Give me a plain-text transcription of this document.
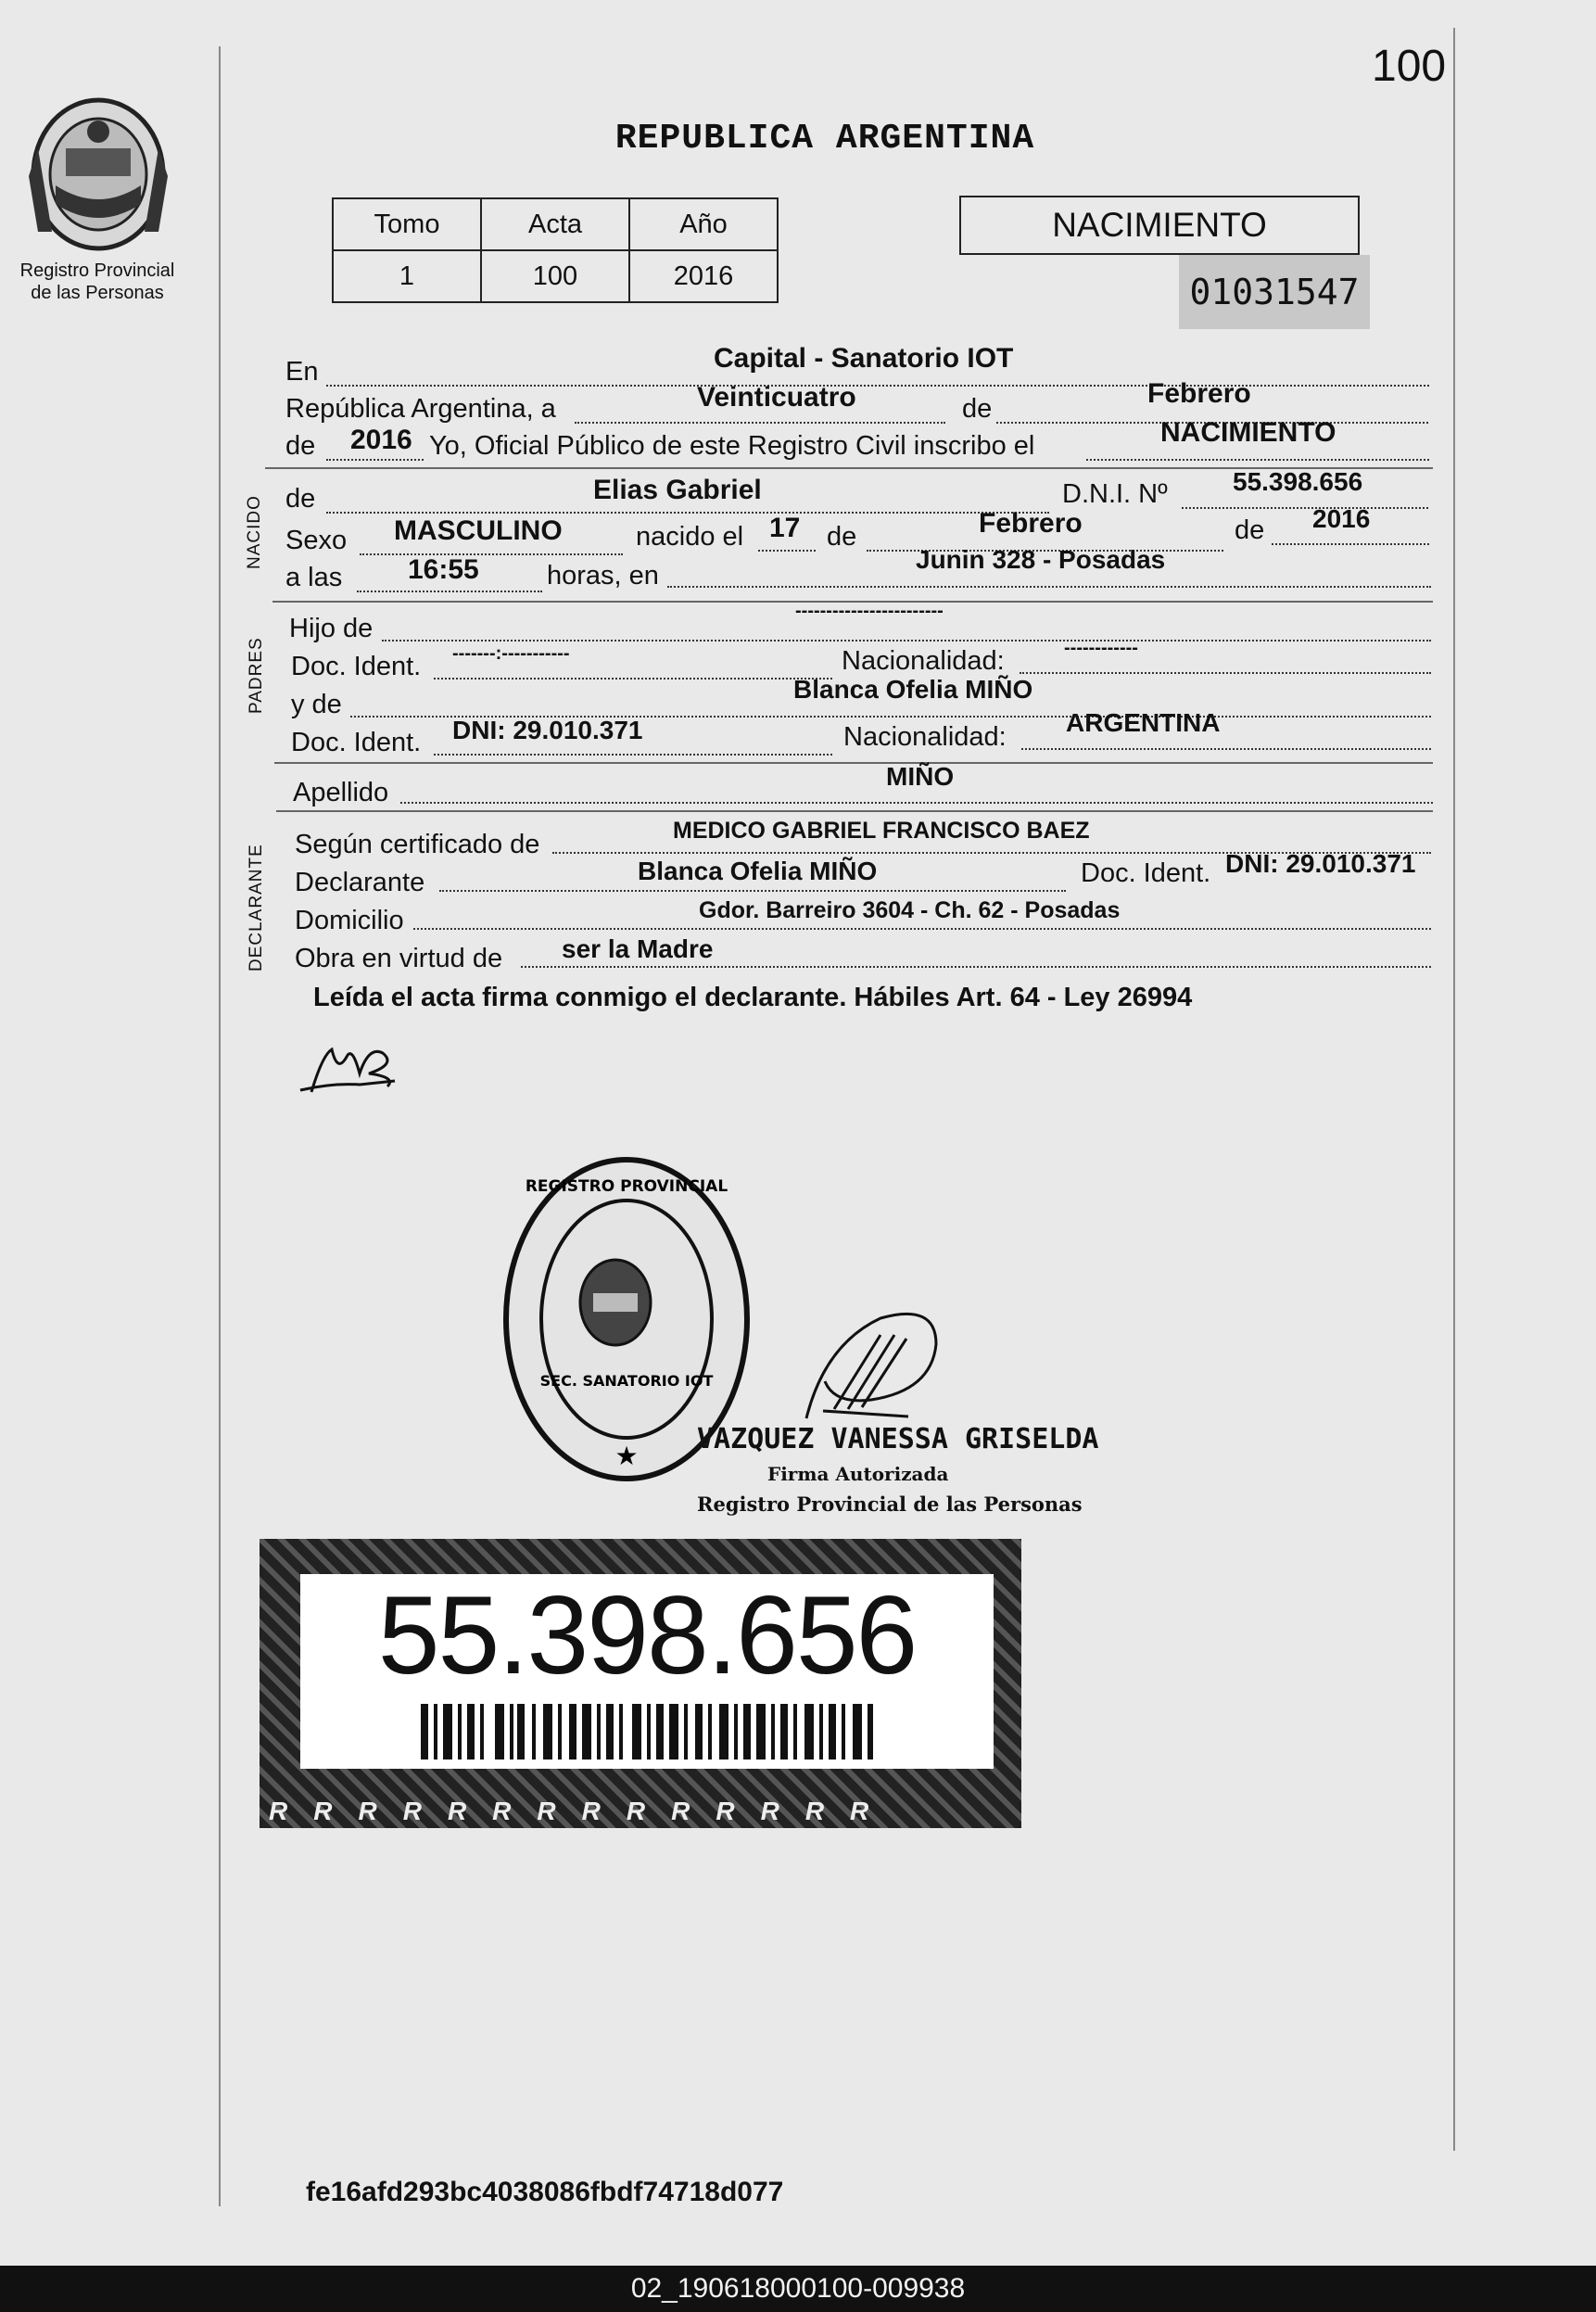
100
Registro Provincial
de las Personas
REPUBLICA ARGENTINA
Tomo	Acta	Año
1	100	2016
NACIMIENTO
01031547
En	Capital - Sanatorio IOT
República Argentina, a	Veinticuatro	de	Febrero
de 2016 Yo, Oficial Público de este Registro Civil inscribo el	NACIMIENTO
NACIDO de	Elias Gabriel	D.N.I. Nº	55.398.656
Sexo MASCULINO	nacido el 17 de	Febrero	de 2016
a las 16:55	horas, en
Junin 328 - Posadas
PADRES
Hijo de
------------------------
Doc. Ident. -------:-----------	Nacionalidad:	------------
y de
Blanca Ofelia MIÑO
Doc. Ident. DNI: 29.010.371	Nacionalidad: ARGENTINA
Apellido
MIÑO
DECLARANTE Según certificado de	MEDICO GABRIEL FRANCISCO BAEZ
Declarante	Blanca Ofelia MIÑO	Doc. Ident. DNI: 29.010.371
Domicilio	Gdor. Barreiro 3604 - Ch. 62 - Posadas
Obra en virtud de ser la Madre
Leída el acta firma conmigo el declarante. Hábiles Art. 64 - Ley 26994
★
REGISTRO PROVINCIAL
SEC. SANATORIO IOT
VAZQUEZ VANESSA GRISELDA
Firma Autorizada
Registro Provincial de las Personas
55.398.656
RRRRRRRRRRRRRR
fe16afd293bc4038086fbdf74718d077
02_190618000100-009938
